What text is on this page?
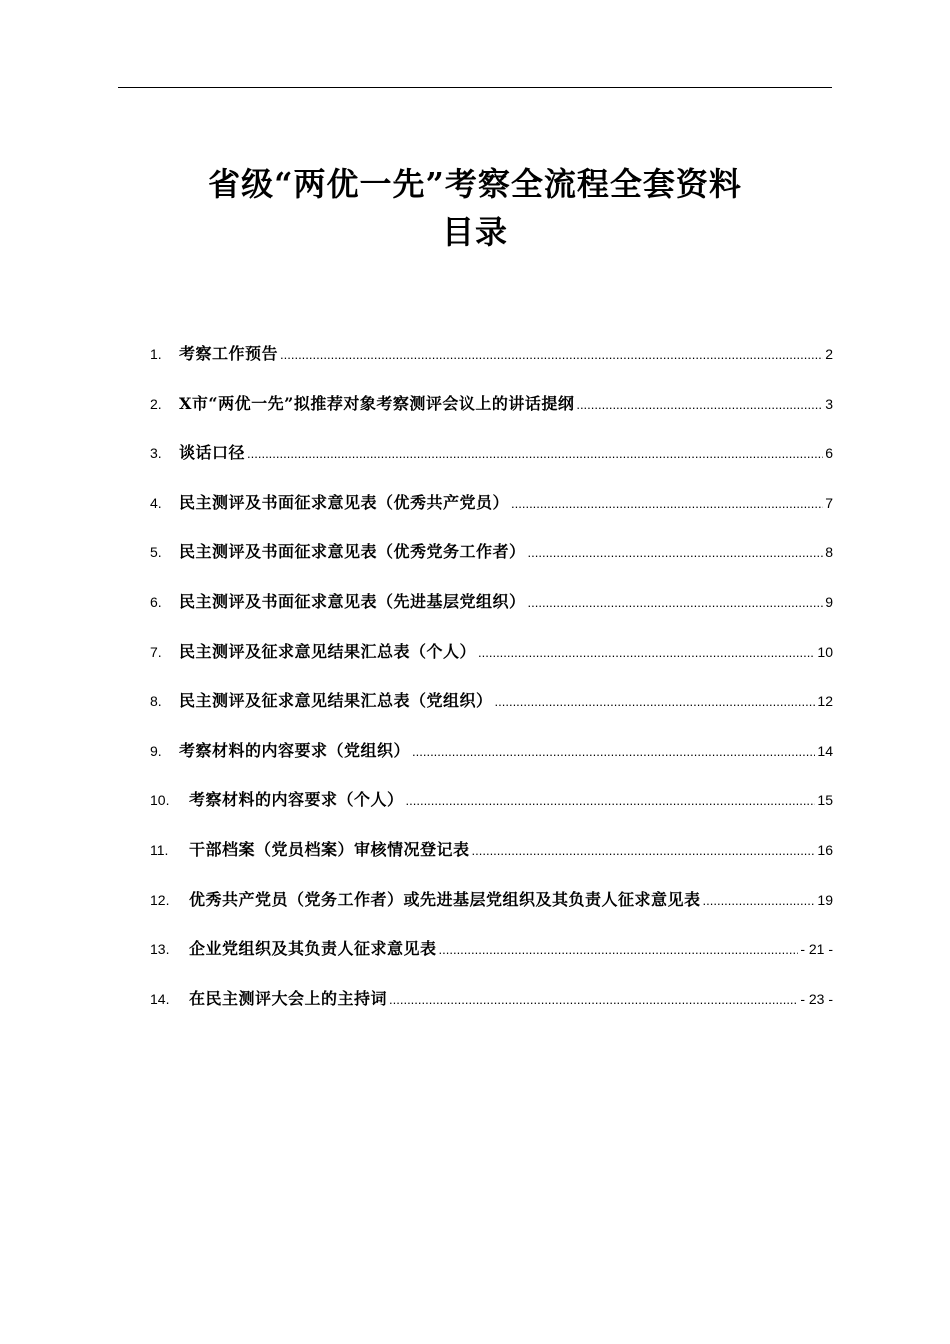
省级“两优一先”考察全流程全套资料
目录
1.	考察工作预告 .....	2
2.	X市“两优一先”拟推荐对象考察测评会议上的讲话提纲 .....	3
3.	谈话口径 .....	6
4.	民主测评及书面征求意见表（优秀共产党员） .....	7
5.	民主测评及书面征求意见表（优秀党务工作者） .....	8
6.	民主测评及书面征求意见表（先进基层党组织） .....	9
7.	民主测评及征求意见结果汇总表（个人） .....	10
8.	民主测评及征求意见结果汇总表（党组织） .....	12
9.	考察材料的内容要求（党组织） .....	14
10.	考察材料的内容要求（个人） .....	15
11.	干部档案（党员档案）审核情况登记表 .....	16
12.	优秀共产党员（党务工作者）或先进基层党组织及其负责人征求意见表 .....	19
13.	企业党组织及其负责人征求意见表 .....	- 21 -
14.	在民主测评大会上的主持词 .....	- 23 -
